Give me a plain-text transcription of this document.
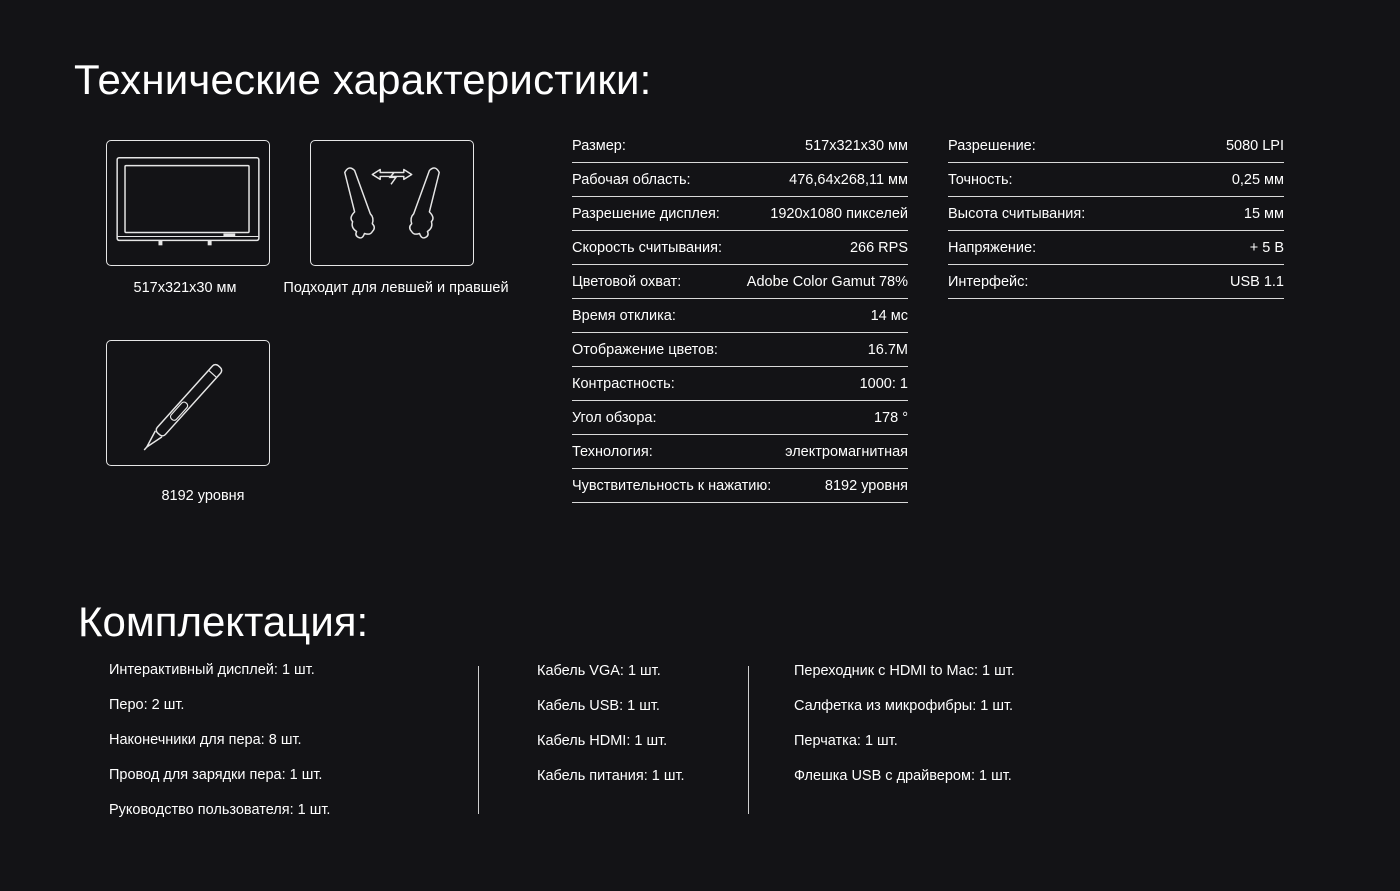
Технические характеристики:
517x321x30 мм	Подходит для левшей и правшей
8192 уровня
Размер:	517x321x30 мм
Рабочая область:	476,64x268,11 мм
Разрешение дисплея:	1920x1080 пикселей
Скорость считывания:	266 RPS
Цветовой охват:	Adobe Color Gamut 78%
Время отклика:	14 мс
Отображение цветов:	16.7M
Контрастность:	1000: 1
Угол обзора:	178 °
Технология:	электромагнитная
Чувствительность к нажатию:	8192 уровня
Разрешение:	5080 LPI
Точность:	0,25 мм
Высота считывания:	15 мм
Напряжение:	+ 5 В
Интерфейс:	USB 1.1
Комплектация:
Интерактивный дисплей: 1 шт.
Перо: 2 шт.
Наконечники для пера: 8 шт.
Провод для зарядки пера: 1 шт.
Руководство пользователя: 1 шт.
Кабель VGA: 1 шт.
Кабель USB: 1 шт.
Кабель HDMI: 1 шт.
Кабель питания: 1 шт.
Переходник с HDMI to Mac: 1 шт.
Салфетка из микрофибры: 1 шт.
Перчатка: 1 шт.
Флешка USB с драйвером: 1 шт.
